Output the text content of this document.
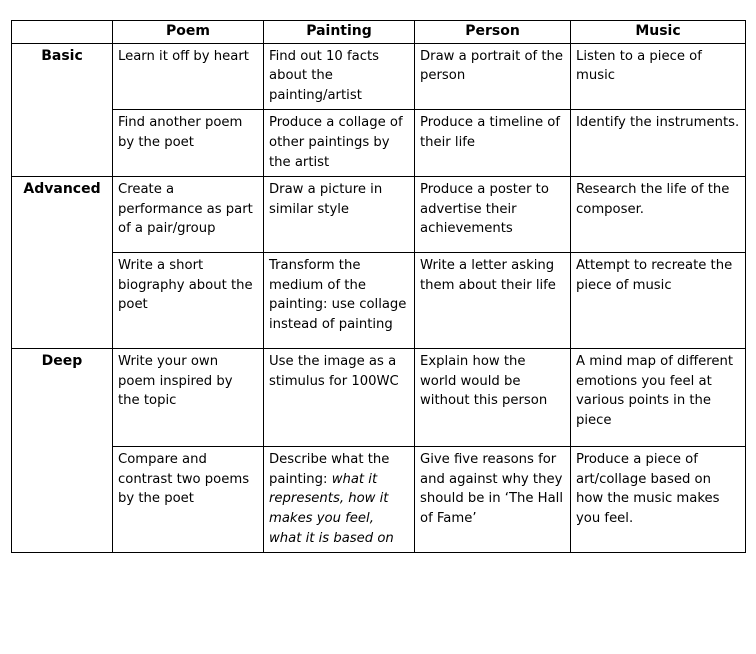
	Poem	Painting	Person	Music
Basic	Learn it off by heart	Find out 10 facts about the painting/artist	Draw a portrait of the person	Listen to a piece of music
	Find another poem by the poet	Produce a collage of other paintings by the artist	Produce a timeline of their life	Identify the instruments.
Advanced	Create a performance as part of a pair/group	Draw a picture in similar style	Produce a poster to advertise their achievements	Research the life of the composer.
	Write a short biography about the poet	Transform the medium of the painting: use collage instead of painting	Write a letter asking them about their life	Attempt to recreate the piece of music
Deep	Write your own poem inspired by the topic	Use the image as a stimulus for 100WC	Explain how the world would be without this person	A mind map of different emotions you feel at various points in the piece
	Compare and contrast two poems by the poet	Describe what the painting: what it represents, how it makes you feel, what it is based on	Give five reasons for and against why they should be in ‘The Hall of Fame’	Produce a piece of art/collage based on how the music makes you feel.
